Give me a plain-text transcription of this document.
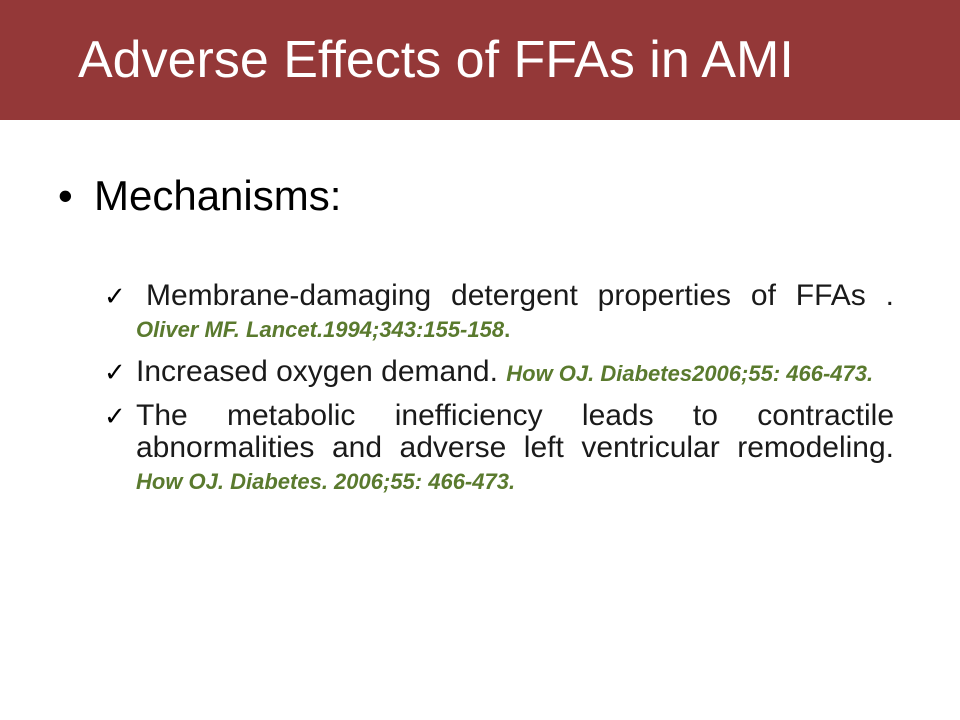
Adverse Effects of FFAs in AMI
• Mechanisms:
✓ Membrane-damaging detergent properties of FFAs . Oliver MF. Lancet.1994;343:155-158.
✓ Increased oxygen demand. How OJ. Diabetes2006;55: 466-473.
✓ The metabolic inefficiency leads to contractile abnormalities and adverse left ventricular remodeling. How OJ. Diabetes. 2006;55: 466-473.
